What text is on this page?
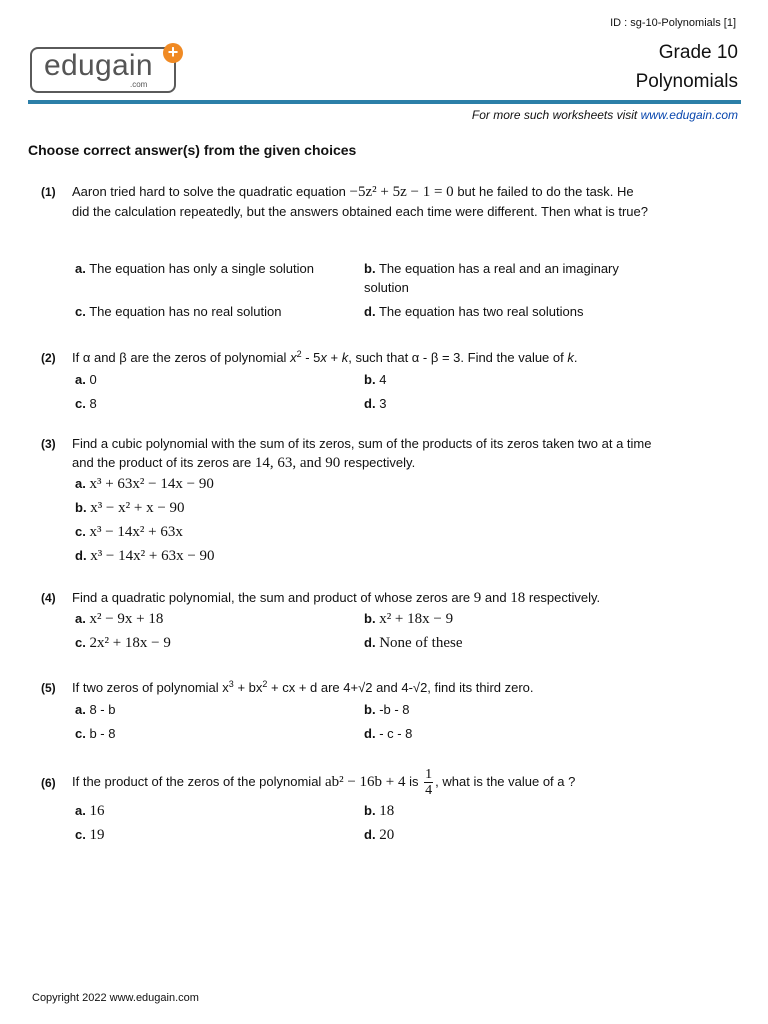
ID : sg-10-Polynomials [1]
edugain
.com
+	Grade 10
Polynomials
For more such worksheets visit www.edugain.com
Choose correct answer(s) from the given choices
(1) Aaron tried hard to solve the quadratic equation −5z² + 5z − 1 = 0 but he failed to do the task. He did the calculation repeatedly, but the answers obtained each time were different. Then what is true?
a. The equation has only a single solution	b. The equation has a real and an imaginary solution
c. The equation has no real solution	d. The equation has two real solutions
(2) If α and β are the zeros of polynomial $x^2 - 5x + k$, such that α - β = 3. Find the value of k.
a. 0	b. 4
c. 8	d. 3
(3) Find a cubic polynomial with the sum of its zeros, sum of the products of its zeros taken two at a time and the product of its zeros are 14, 63, and 90 respectively.
a. x³ + 63x² − 14x − 90
b. x³ − x² + x − 90
c. x³ − 14x² + 63x
d. x³ − 14x² + 63x − 90
(4) Find a quadratic polynomial, the sum and product of whose zeros are 9 and 18 respectively.
a. x² − 9x + 18	b. x² + 18x − 9
c. 2x² + 18x − 9	d. None of these
(5) If two zeros of polynomial $x^3 + bx^2$ + cx + d are 4+√2 and 4-√2, find its third zero.
a. 8 - b	b. -b - 8
c. b - 8	d. - c - 8
(6) If the product of the zeros of the polynomial ab² − 16b + 4 is $\frac{1}{4}$ , what is the value of a ?
a. 16	b. 18
c. 19	d. 20
Copyright 2022 www.edugain.com
